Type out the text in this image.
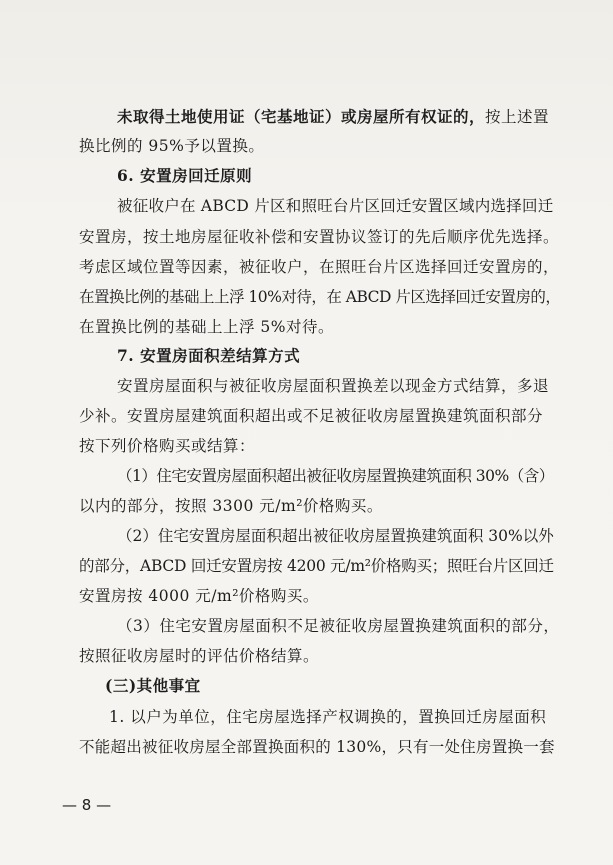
未取得土地使用证（宅基地证）或房屋所有权证的，按上述置
换比例的 95%予以置换。
6. 安置房回迁原则
被征收户在 ABCD 片区和照旺台片区回迁安置区域内选择回迁
安置房，按土地房屋征收补偿和安置协议签订的先后顺序优先选择。
考虑区域位置等因素，被征收户，在照旺台片区选择回迁安置房的，
在置换比例的基础上上浮 10%对待，在 ABCD 片区选择回迁安置房的，
在置换比例的基础上上浮 5%对待。
7. 安置房面积差结算方式
安置房屋面积与被征收房屋面积置换差以现金方式结算，多退
少补。安置房屋建筑面积超出或不足被征收房屋置换建筑面积部分
按下列价格购买或结算：
（1）住宅安置房屋面积超出被征收房屋置换建筑面积 30%（含）
以内的部分，按照 3300 元/m²价格购买。
（2）住宅安置房屋面积超出被征收房屋置换建筑面积 30%以外
的部分，ABCD 回迁安置房按 4200 元/m²价格购买；照旺台片区回迁
安置房按 4000 元/m²价格购买。
（3）住宅安置房屋面积不足被征收房屋置换建筑面积的部分，
按照征收房屋时的评估价格结算。
(三)其他事宜
1. 以户为单位，住宅房屋选择产权调换的，置换回迁房屋面积
不能超出被征收房屋全部置换面积的 130%，只有一处住房置换一套
— 8 —
